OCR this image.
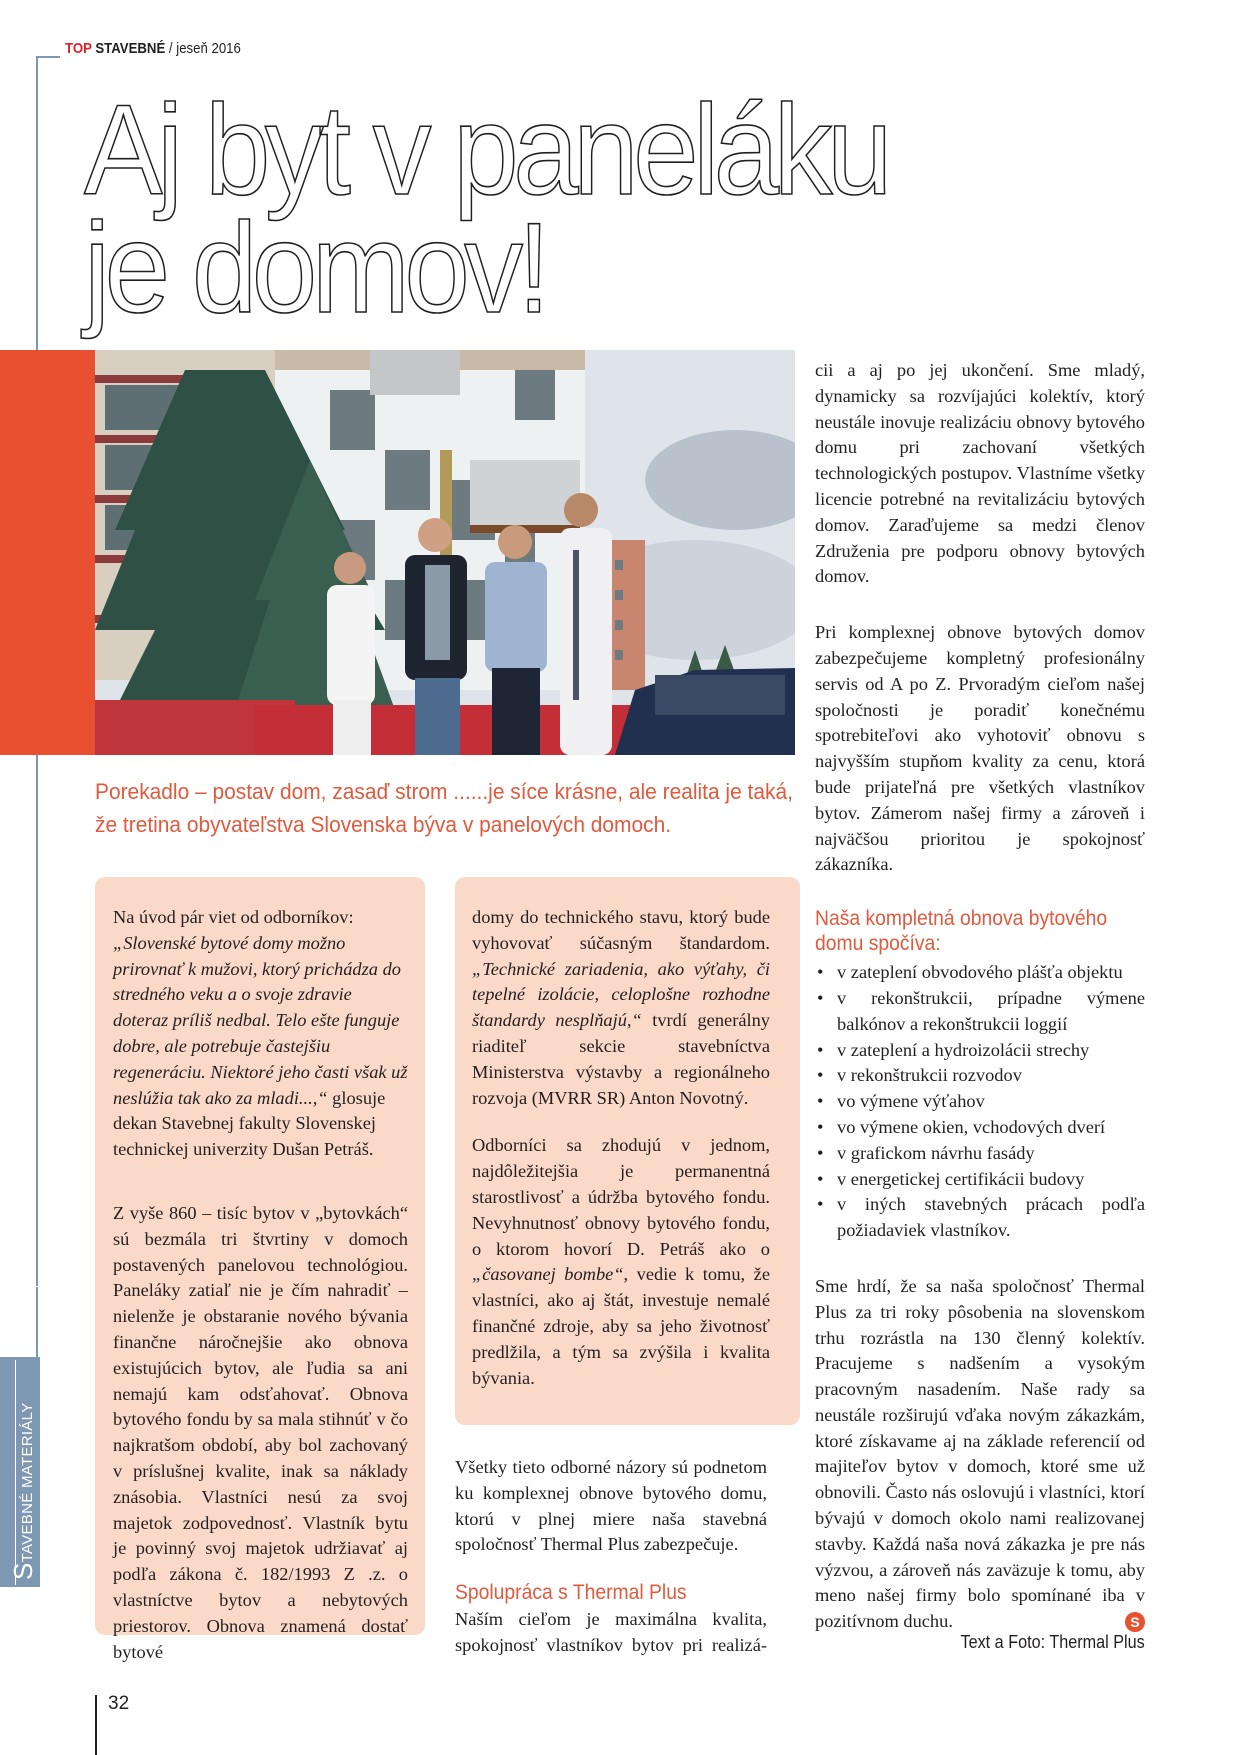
TOP STAVEBNÉ / jeseň 2016
Aj byt v paneláku
je domov!
Porekadlo – postav dom, zasaď strom ......je síce krásne, ale realita je taká, že tretina obyvateľstva Slovenska býva v panelových domoch.

Na úvod pár viet od odborníkov: „Slovenské bytové domy možno prirovnať k mužovi, ktorý prichádza do stredného veku a o svoje zdravie doteraz príliš nedbal. Telo ešte funguje dobre, ale potrebuje častejšiu regeneráciu. Niektoré jeho časti však už neslúžia tak ako za mladi...,“ glosuje dekan Stavebnej fakulty Slovenskej technickej univerzity Dušan Petráš.

Z vyše 860 – tisíc bytov v „bytovkách“ sú bezmála tri štvrtiny v domoch postavených panelovou technológiou. Paneláky zatiaľ nie je čím nahradiť – nielenže je obstaranie nového bývania finančne náročnejšie ako obnova existujúcich bytov, ale ľudia sa ani nemajú kam odsťahovať. Obnova bytového fondu by sa mala stihnúť v čo najkratšom období, aby bol zachovaný v príslušnej kvalite, inak sa náklady znásobia. Vlastníci nesú za svoj majetok zodpovednosť. Vlastník bytu je povinný svoj majetok udržiavať aj podľa zákona č. 182/1993 Z .z. o vlastníctve bytov a nebytových priestorov. Obnova znamená dostať bytové

domy do technického stavu, ktorý bude vyhovovať súčasným štandardom. „Technické zariadenia, ako výťahy, či tepelné izolácie, celoplošne rozhodne štandardy nesplňajú,“ tvrdí generálny riaditeľ sekcie stavebníctva Ministerstva výstavby a regionálneho rozvoja (MVRR SR) Anton Novotný.

Odborníci sa zhodujú v jednom, najdôležitejšia je permanentná starostlivosť a údržba bytového fondu. Nevyhnutnosť obnovy bytového fondu, o ktorom hovorí D. Petráš ako o „časovanej bombe“, vedie k tomu, že vlastníci, ako aj štát, investuje nemalé finančné zdroje, aby sa jeho životnosť predlžila, a tým sa zvýšila i kvalita bývania.

Všetky tieto odborné názory sú podnetom ku komplexnej obnove bytového domu, ktorú v plnej miere naša stavebná spoločnosť Thermal Plus zabezpečuje.

Spolupráca s Thermal Plus

Naším cieľom je maximálna kvalita, spokojnosť vlastníkov bytov pri realizá-

cii a aj po jej ukončení. Sme mladý, dynamicky sa rozvíjajúci kolektív, ktorý neustále inovuje realizáciu obnovy bytového domu pri zachovaní všetkých technologických postupov. Vlastníme všetky licencie potrebné na revitalizáciu bytových domov. Zaraďujeme sa medzi členov Združenia pre podporu obnovy bytových domov.

Pri komplexnej obnove bytových domov zabezpečujeme kompletný profesionálny servis od A po Z. Prvoradým cieľom našej spoločnosti je poradiť konečnému spotrebiteľovi ako vyhotoviť obnovu s najvyšším stupňom kvality za cenu, ktorá bude prijateľná pre všetkých vlastníkov bytov. Zámerom našej firmy a zároveň i najväčšou prioritou je spokojnosť zákazníka.

Naša kompletná obnova bytového domu spočíva:
• v zateplení obvodového plášťa objektu
• v rekonštrukcii, prípadne výmene balkónov a rekonštrukcii loggií
• v zateplení a hydroizolácii strechy
• v rekonštrukcii rozvodov
• vo výmene výťahov
• vo výmene okien, vchodových dverí
• v grafickom návrhu fasády
• v energetickej certifikácii budovy
• v iných stavebných prácach podľa požiadaviek vlastníkov.

Sme hrdí, že sa naša spoločnosť Thermal Plus za tri roky pôsobenia na slovenskom trhu rozrástla na 130 členný kolektív. Pracujeme s nadšením a vysokým pracovným nasadením. Naše rady sa neustále rozširujú vďaka novým zákazkám, ktoré získavame aj na základe referencií od majiteľov bytov v domoch, ktoré sme už obnovili. Často nás oslovujú i vlastníci, ktorí bývajú v domoch okolo nami realizovanej stavby. Každá naša nová zákazka je pre nás výzvou, a zároveň nás zaväzuje k tomu, aby meno našej firmy bolo spomínané iba v pozitívnom duchu.	S

Text a Foto: Thermal Plus
STAVEBNÉ MATERIÁLY
32
